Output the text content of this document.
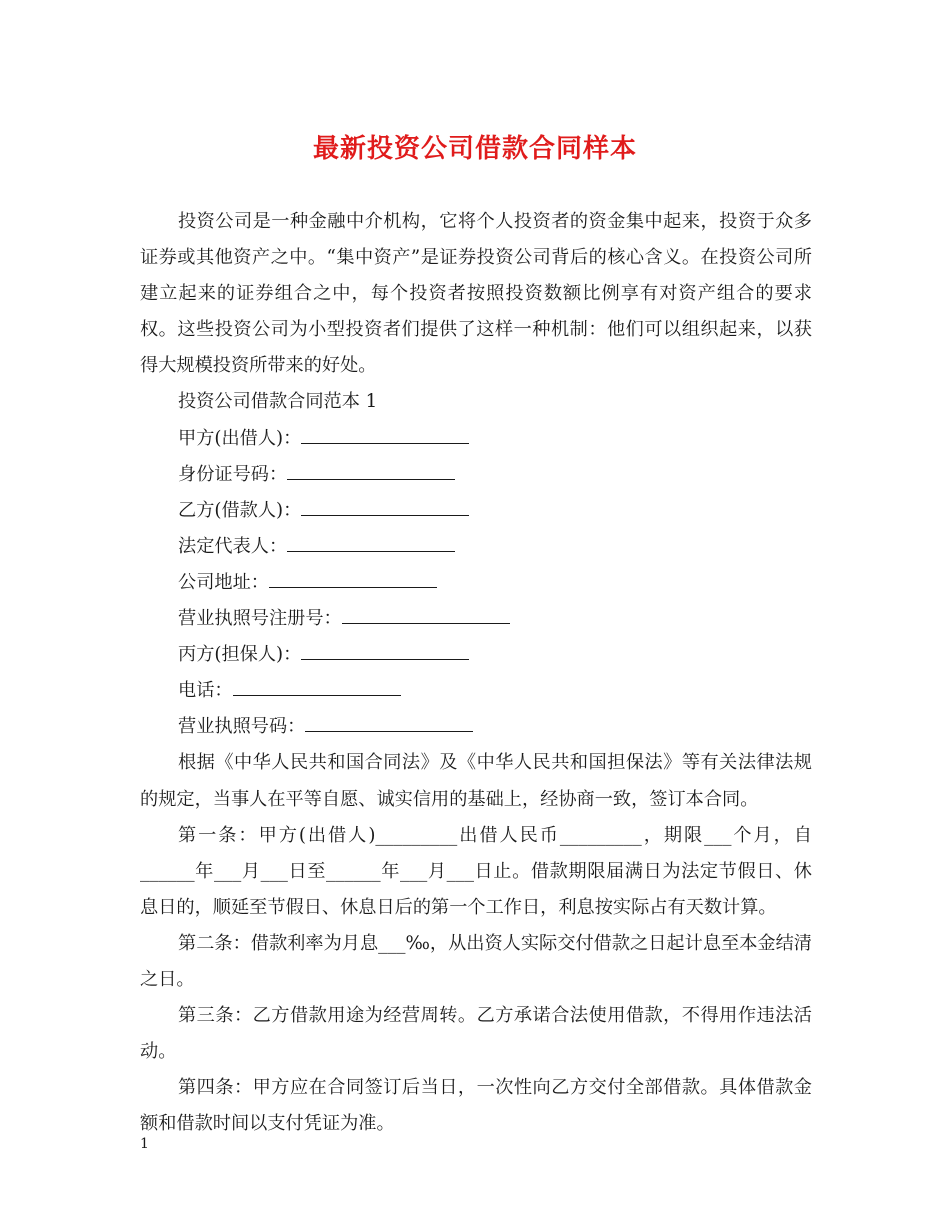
最新投资公司借款合同样本

投资公司是一种金融中介机构，它将个人投资者的资金集中起来，投资于众多证券或其他资产之中。“集中资产”是证券投资公司背后的核心含义。在投资公司所建立起来的证券组合之中，每个投资者按照投资数额比例享有对资产组合的要求权。这些投资公司为小型投资者们提供了这样一种机制：他们可以组织起来，以获得大规模投资所带来的好处。

投资公司借款合同范本 1

甲方(出借人)：

身份证号码：

乙方(借款人)：

法定代表人：

公司地址：

营业执照号注册号：

丙方(担保人)：

电话：

营业执照号码：

根据《中华人民共和国合同法》及《中华人民共和国担保法》等有关法律法规的规定，当事人在平等自愿、诚实信用的基础上，经协商一致，签订本合同。

第一条：甲方(出借人)_________出借人民币_________，期限___个月，自______年___月___日至______年___月___日止。借款期限届满日为法定节假日、休息日的，顺延至节假日、休息日后的第一个工作日，利息按实际占有天数计算。

第二条：借款利率为月息___‰，从出资人实际交付借款之日起计息至本金结清之日。

第三条：乙方借款用途为经营周转。乙方承诺合法使用借款，不得用作违法活动。

第四条：甲方应在合同签订后当日，一次性向乙方交付全部借款。具体借款金额和借款时间以支付凭证为准。

1
